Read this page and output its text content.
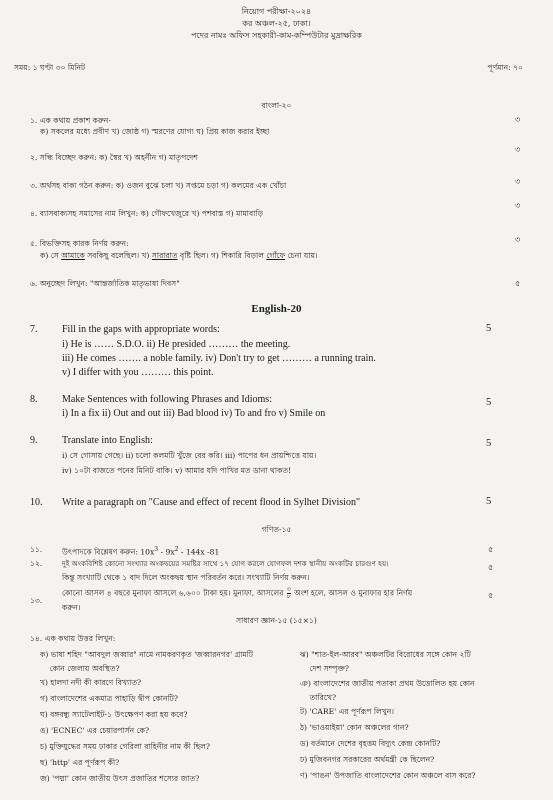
নিয়োগ পরীক্ষা-২০২৪
কর অঞ্চল-২৫, ঢাকা।
পদের নামঃ অফিস সহকারী-কাম-কম্পিউটার মুদ্রাক্ষরিক
সময়: ১ ঘণ্টা ৩০ মিনিট	পূর্ণমান: ৭০
বাংলা-২০
১. এক কথায় প্রকাশ করুন-
ক) সকলের মধ্যে প্রবীণ খ) জোষ্ঠ গ) স্মরণের যোগ্য ঘ) প্রিয় কাজ করার ইচ্ছা
৩
২. সন্ধি বিচ্ছেদ করুন: ক) স্বৈর খ) অহর্নীন গ) মাতৃপদেশ
৩
৩. অর্থসহ বাক্য গঠন করুন: ক) ওজন বুঝে চলা খ) সপ্তমে চড়া গ) কলমের এক খোঁচা	৩
৪. ব্যাসবাক্যসহ সমাসের নাম লিখুন: ক) গৌফখেজুরে খ) পশবাস্ত গ) মামাবাড়ি
৩
৫. বিভক্তিসহ কারক নির্ণয় করুন:
ক) সে আমাকে সবকিছু বলেছিল। খ) সারারাত বৃষ্টি ছিল। গ) শিকারি বিড়াল গোঁফে চেনা যায়।
৩
৬. অনুচ্ছেদ লিখুন: "আন্তর্জাতিক মাতৃভাষা দিবস"	৫
English-20
7. Fill in the gaps with appropriate words:
i) He is …… S.D.O. ii) He presided ……… the meeting.
iii) He comes ……. a noble family. iv) Don't try to get ……… a running train.
v) I differ with you ……… this point.
5
8. Make Sentences with following Phrases and Idioms:
i) In a fix ii) Out and out iii) Bad blood iv) To and fro v) Smile on
5
9. Translate into English:
i) সে গোসায় গেছে। ii) চলো কলমটি খুঁজে বের করি। iii) পাপের ধন প্রায়শ্চিত্তে যায়।
iv) ১০টা বাজতে পনের মিনিট বাকি। v) আমার যদি পাখির মত ডানা থাকত!
5
10. Write a paragraph on "Cause and effect of recent flood in Sylhet Division"	5
গণিত-১৫
১১.	উৎপাদকে বিশ্লেষণ করুন: $10x^3 - 9x^2 - 144x$ -81	৫
১২.	দুই অংকবিশিষ্ট কোনো সংখ্যার অংকদ্বয়ের সমষ্টির সাথে ১৭ যোগ করলে যোগফল দশক স্থানীয় অংকটির চারগুণ হয়।
কিন্তু সংখ্যাটি থেকে ১ বাদ দিলে অংকদ্বয় স্থান পরিবর্তন করে। সংখ্যাটি নির্ণয় করুন।
৫
১৩.
কোনো আসল ৪ বছরে মুনাফা আসলে ৬,৬০০ টাকা হয়। মুনাফা, আসলের $\frac{৩}{৮}$ অংশ হলে, আসল ও মুনাফার হার নির্ণয়
করুন।
৫
সাধারণ জ্ঞান-১৫ (১৫×১)
১৪. এক কথায় উত্তর লিখুন:
ক) ভাষা শহিদ "আবদুল জব্বার" নামে নামকরণকৃত 'জব্বারনগর' গ্রামটি
কোন জেলায় অবস্থিত?
খ) হালদা নদী কী কারণে বিখ্যাত?
গ) বাংলাদেশের একমাত্র পাহাড়ি দ্বীপ কোনটি?
ঘ) বঙ্গবন্ধু স্যাটেলাইট-১ উৎক্ষেপণ করা হয় কবে?
ঙ) 'ECNEC' এর চেয়ারপার্সন কে?
চ) মুক্তিযুদ্ধের সময় ঢাকার গেরিলা বাহিনীর নাম কী ছিল?
ছ) 'http' এর পূর্ণরূপ কী?
জ) 'পদ্মা' কোন জাতীয় উৎস প্রজাতির শস্যের জাত?
ঝ) "শাত-ইল-আরব" অঞ্চলটির বিরোধের সঙ্গে কোন ২টি
দেশ সম্পৃক্ত?
ঞ) বাংলাদেশের জাতীয় পতাকা প্রথম উত্তোলিত হয় কোন
তারিখে?
ট) 'CARE' এর পূর্ণরূপ লিখুন।
ঠ) 'ভাওয়াইয়া' কোন অঞ্চলের গান?
ড) বর্তমানে দেশের বৃহত্তম বিদ্যুৎ কেন্দ্র কোনটি?
ঢ) মুজিবনগর সরকারের অর্থমন্ত্রী কে ছিলেন?
ণ) 'পাঙন' উপজাতি বাংলাদেশের কোন অঞ্চলে বাস করে?
